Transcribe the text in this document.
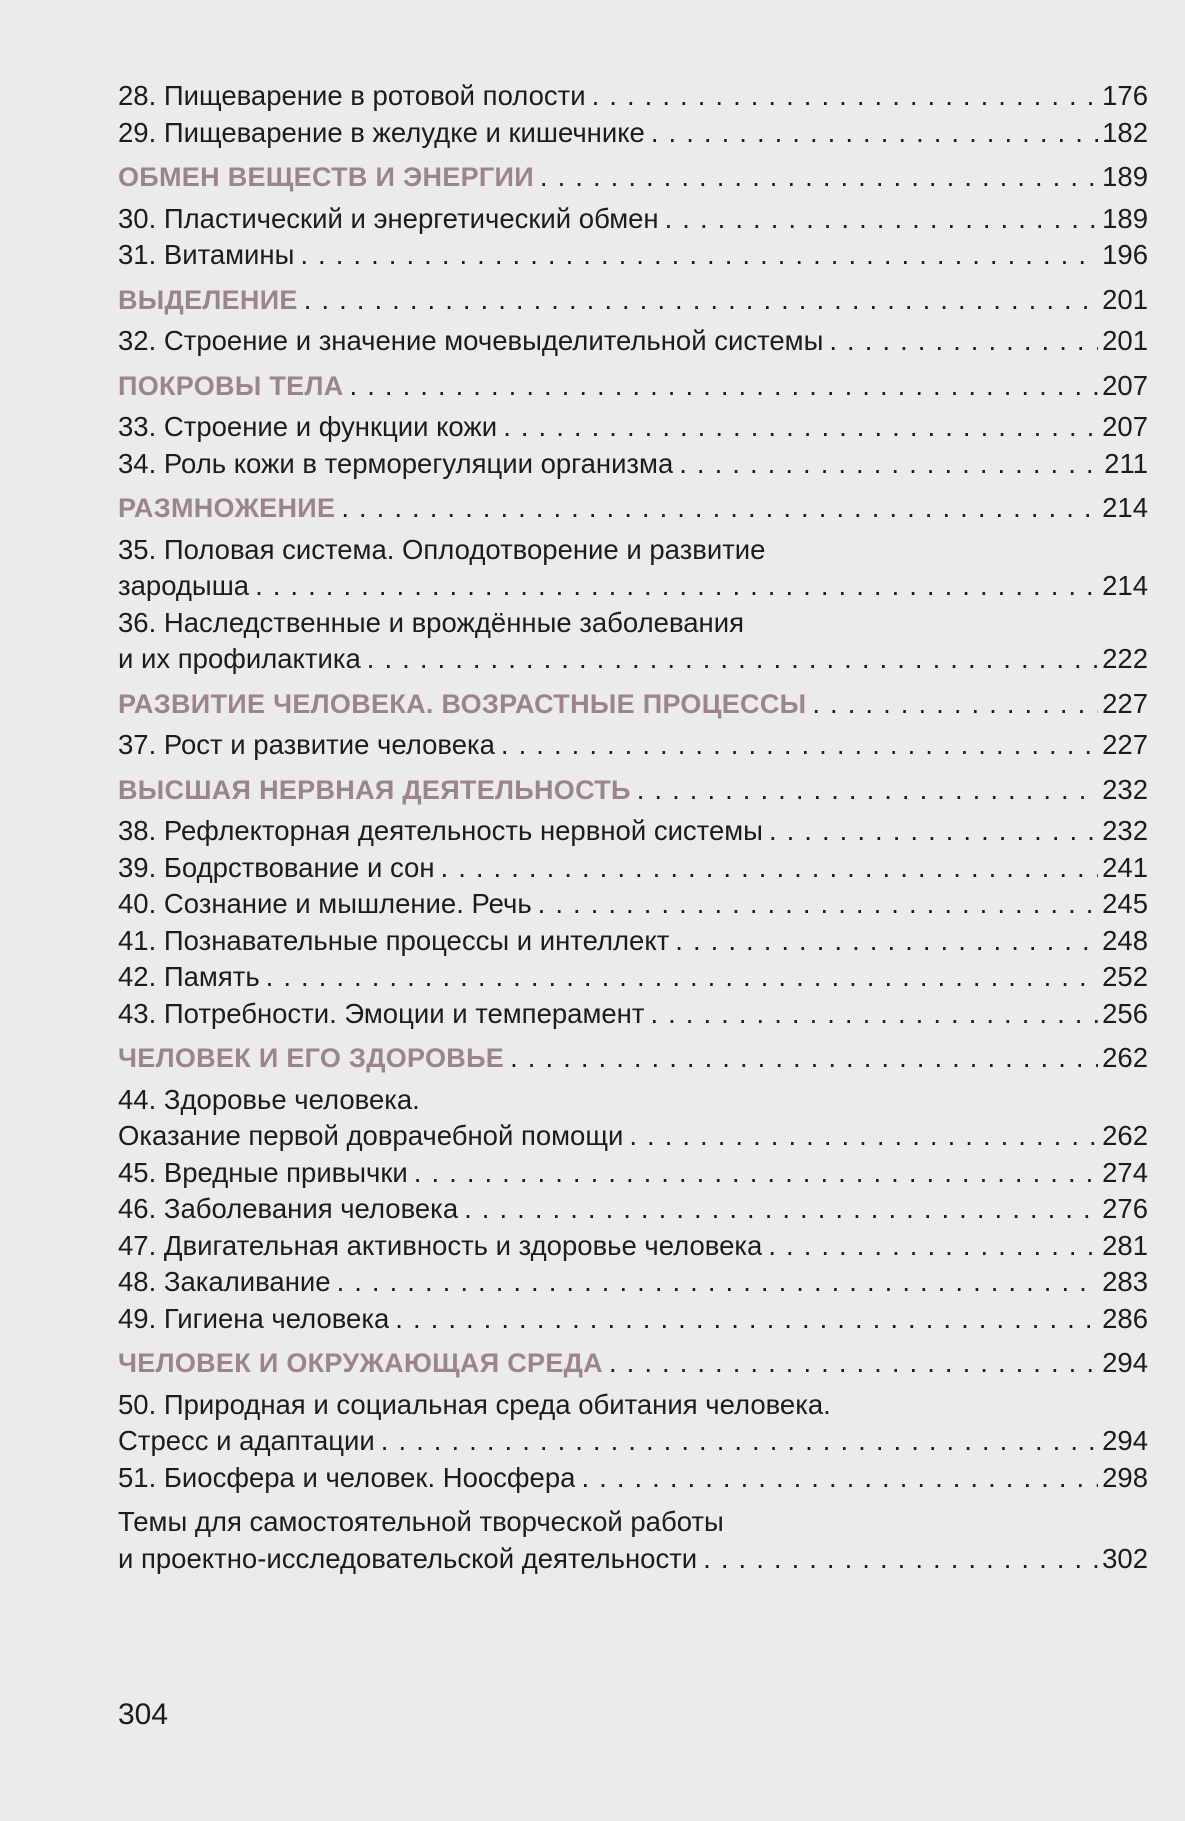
28. Пищеварение в ротовой полости . . .	176
29. Пищеварение в желудке и кишечнике . . .	182
ОБМЕН ВЕЩЕСТВ И ЭНЕРГИИ . . .	189
30. Пластический и энергетический обмен . . .	189
31. Витамины . . .	196
ВЫДЕЛЕНИЕ . . .	201
32. Строение и значение мочевыделительной системы . . .	201
ПОКРОВЫ ТЕЛА . . .	207
33. Строение и функции кожи . . .	207
34. Роль кожи в терморегуляции организма . . .	211
РАЗМНОЖЕНИЕ . . .	214
35. Половая система. Оплодотворение и развитие
зародыша . . .	214
36. Наследственные и врождённые заболевания
и их профилактика . . .	222
РАЗВИТИЕ ЧЕЛОВЕКА. ВОЗРАСТНЫЕ ПРОЦЕССЫ . . .	227
37. Рост и развитие человека . . .	227
ВЫСШАЯ НЕРВНАЯ ДЕЯТЕЛЬНОСТЬ . . .	232
38. Рефлекторная деятельность нервной системы . . .	232
39. Бодрствование и сон . . .	241
40. Сознание и мышление. Речь . . .	245
41. Познавательные процессы и интеллект . . .	248
42. Память . . .	252
43. Потребности. Эмоции и темперамент . . .	256
ЧЕЛОВЕК И ЕГО ЗДОРОВЬЕ . . .	262
44. Здоровье человека.
Оказание первой доврачебной помощи . . .	262
45. Вредные привычки . . .	274
46. Заболевания человека . . .	276
47. Двигательная активность и здоровье человека . . .	281
48. Закаливание . . .	283
49. Гигиена человека . . .	286
ЧЕЛОВЕК И ОКРУЖАЮЩАЯ СРЕДА . . .	294
50. Природная и социальная среда обитания человека.
Стресс и адаптации . . .	294
51. Биосфера и человек. Ноосфера . . .	298
Темы для самостоятельной творческой работы
и проектно-исследовательской деятельности . . .	302
304
